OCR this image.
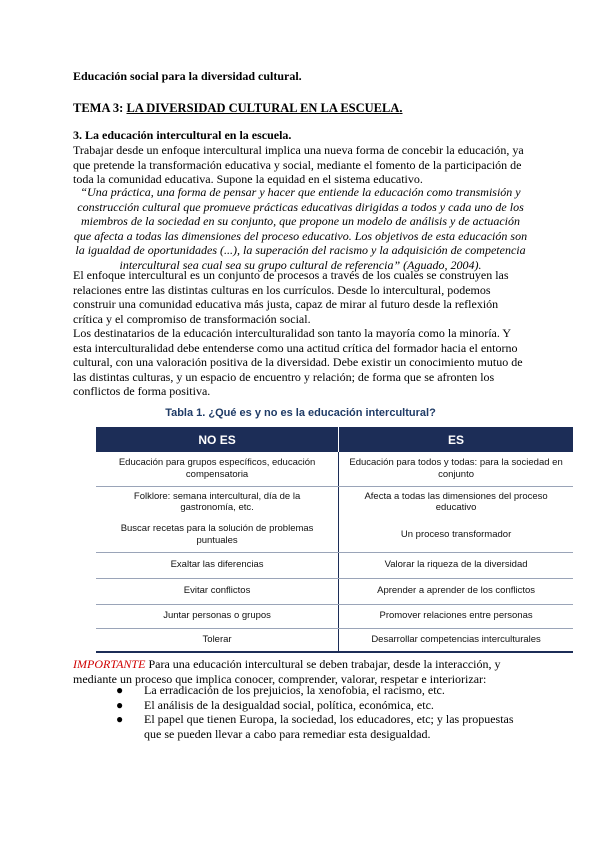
Educación social para la diversidad cultural.
TEMA 3: LA DIVERSIDAD CULTURAL EN LA ESCUELA.
3. La educación intercultural en la escuela.
Trabajar desde un enfoque intercultural implica una nueva forma de concebir la educación, ya que pretende la transformación educativa y social, mediante el fomento de la participación de toda la comunidad educativa. Supone la equidad en el sistema educativo.
“Una práctica, una forma de pensar y hacer que entiende la educación como transmisión y construcción cultural que promueve prácticas educativas dirigidas a todos y cada uno de los miembros de la sociedad en su conjunto, que propone un modelo de análisis y de actuación que afecta a todas las dimensiones del proceso educativo. Los objetivos de esta educación son la igualdad de oportunidades (...), la superación del racismo y la adquisición de competencia intercultural sea cual sea su grupo cultural de referencia” (Aguado, 2004).
El enfoque intercultural es un conjunto de procesos a través de los cuales se construyen las relaciones entre las distintas culturas en los currículos. Desde lo intercultural, podemos construir una comunidad educativa más justa, capaz de mirar al futuro desde la reflexión crítica y el compromiso de transformación social.
Los destinatarios de la educación interculturalidad son tanto la mayoría como la minoría. Y esta interculturalidad debe entenderse como una actitud crítica del formador hacia el entorno cultural, con una valoración positiva de la diversidad. Debe existir un conocimiento mutuo de las distintas culturas, y un espacio de encuentro y relación; de forma que se afronten los conflictos de forma positiva.
Tabla 1. ¿Qué es y no es la educación intercultural?
NO ES	ES
Educación para grupos específicos, educación compensatoria	Educación para todos y todas: para la sociedad en conjunto
Folklore: semana intercultural, día de la gastronomía, etc.	Afecta a todas las dimensiones del proceso educativo
Buscar recetas para la solución de problemas puntuales	Un proceso transformador
Exaltar las diferencias	Valorar la riqueza de la diversidad
Evitar conflictos	Aprender a aprender de los conflictos
Juntar personas o grupos	Promover relaciones entre personas
Tolerar	Desarrollar competencias interculturales
IMPORTANTE Para una educación intercultural se deben trabajar, desde la interacción, y mediante un proceso que implica conocer, comprender, valorar, respetar e interiorizar:
● La erradicación de los prejuicios, la xenofobia, el racismo, etc.
● El análisis de la desigualdad social, política, económica, etc.
● El papel que tienen Europa, la sociedad, los educadores, etc; y las propuestas que se pueden llevar a cabo para remediar esta desigualdad.
